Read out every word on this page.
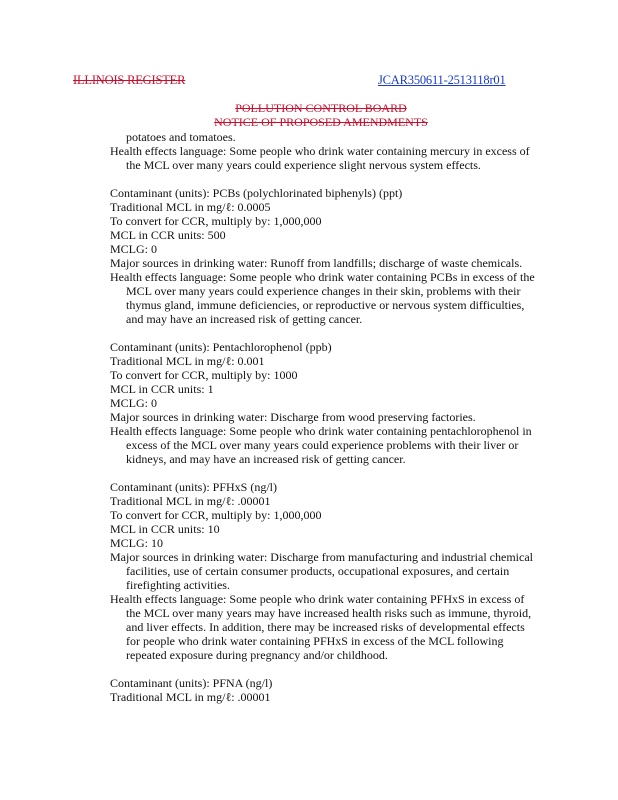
ILLINOIS REGISTER	JCAR350611-2513118r01
POLLUTION CONTROL BOARD
NOTICE OF PROPOSED AMENDMENTS

potatoes and tomatoes.

Health effects language: Some people who drink water containing mercury in excess of

the MCL over many years could experience slight nervous system effects.

Contaminant (units): PCBs (polychlorinated biphenyls) (ppt)

Traditional MCL in mg/ℓ: 0.0005

To convert for CCR, multiply by: 1,000,000

MCL in CCR units: 500

MCLG: 0

Major sources in drinking water: Runoff from landfills; discharge of waste chemicals.

Health effects language: Some people who drink water containing PCBs in excess of the

MCL over many years could experience changes in their skin, problems with their

thymus gland, immune deficiencies, or reproductive or nervous system difficulties,

and may have an increased risk of getting cancer.

Contaminant (units): Pentachlorophenol (ppb)

Traditional MCL in mg/ℓ: 0.001

To convert for CCR, multiply by: 1000

MCL in CCR units: 1

MCLG: 0

Major sources in drinking water: Discharge from wood preserving factories.

Health effects language: Some people who drink water containing pentachlorophenol in

excess of the MCL over many years could experience problems with their liver or

kidneys, and may have an increased risk of getting cancer.

Contaminant (units): PFHxS (ng/l)

Traditional MCL in mg/ℓ: .00001

To convert for CCR, multiply by: 1,000,000

MCL in CCR units: 10

MCLG: 10

Major sources in drinking water: Discharge from manufacturing and industrial chemical

facilities, use of certain consumer products, occupational exposures, and certain

firefighting activities.

Health effects language: Some people who drink water containing PFHxS in excess of

the MCL over many years may have increased health risks such as immune, thyroid,

and liver effects. In addition, there may be increased risks of developmental effects

for people who drink water containing PFHxS in excess of the MCL following

repeated exposure during pregnancy and/or childhood.

Contaminant (units): PFNA (ng/l)

Traditional MCL in mg/ℓ: .00001
